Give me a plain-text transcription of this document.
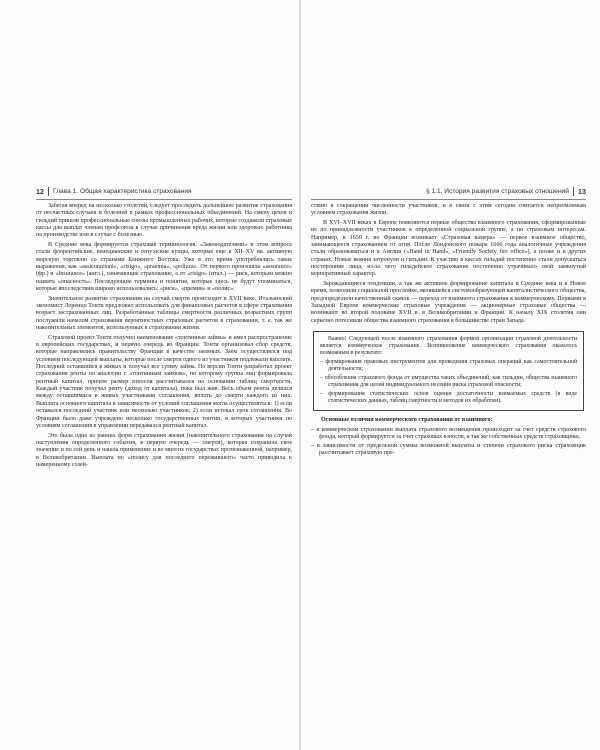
12 Глава 1. Общая характеристика страхования

Забегая вперед на несколько столетий, следует проследить дальнейшее развитие страхования от несчастных случаев и болезней в рамках профессиональных объединений. На смену цехов и гильдий пришли профессиональные союзы промышленных рабочих, которые создавали страховые кассы для выплат членам профсоюза в случае причинения вреда жизни или здоровью работника на производстве или в случае с болезнью.

В Средние века формируется страховая терминология. «Законодателями» в этом вопросе стали флорентийские, венецианские и генуэзские купцы, которые еще в XII–XV вв. активную морскую торговлю со странами Ближнего Востока. Уже в это время употреблялись такие выражения, как «assicurazioni», «risigo», «praemia», «polizza». От первого произошла «assurance» (фр.) и «Insurance» (англ.), означающие страхование, а от «risigo» (итал.) — риск, которым можно назвать «опасность». Последующие термины и понятия, которые здесь не будут упоминаться, которые впоследствии широко использовались: «риск», «премия» и «полис».

Значительное развитие страхования на случай смерти происходит в XVII веке. Итальянский экономист Лоренцо Тонти предложил использовать для финансовых расчетов в сфере страхования возраст застрахованных лиц. Разработанные таблицы смертности различных возрастных групп послужили началом страхования вероятностных страховых расчетов в страховании, т. е. так же накопительных элементов, используемых в страховании жизни.

Страховой проект Тонти получил наименование «тонтинные займы» и имел распространение в европейских государствах, и первую очередь во Франции. Тонти организовал сбор средств, которые направлялись правительству Франции в качестве заемных. Заем осуществлялся под условием последующей выплаты, которые после смерти одного из участников подлежали выплате. Последний оставшийся в живых и получал все сумму займа. По версии Тонти разработал проект страхования ренты по аналогии с «тонтинным займом», по которому группа лиц формировала рентный капитал, причем размер взносов рассчитывался на основании таблиц смертности. Каждый участник получал ренту (доход от капитала), пока был жив. Весь объем ренты делился между оставшимися в живых участниками соглашения, вплоть до смерти каждого из них. Выплата основного капитала в зависимости от условий соглашения могла осуществляться: 1) если оставался последний участник или несколько участников; 2) если истекал срок соглашения. Во Франции было даже учреждено несколько государственных тонтин, в которых участники по условиям соглашения в управлении передавался рентный капитал.

Это была одна из ранних форм страхования жизни (накопительного страхования на случай наступления определенного события, в первую очередь — смерти), которая сохранила свое значение и по сей день и нашла применение и во многих государствах протизнаконной, например, в Великобритании. Выплата по «полису для последнего пережившего» часто приводила к намеренному созей-

§ 1.1. История развития страховых отношений 13

ствию в сокращении численности участников, и в связи с этим сегодня считается непреемлемым условием страхования жизни.

В XVI–XVII веках в Европе появляются первые общества взаимного страхования, сформированные не по принадлежности участников к определенной социальной группе, а по страховым интересам. Например, в 1650 г. во Франции возникает «Страховая камера» — первое взаимное общество, занимающееся страхованием от огня. После Лондонского пожара 1666 года аналогичные учреждения стали образовываться и в Англии («Hand in Hand», «Friendly Society fire office»), а позже и в других странах. Новые веяния затронули и гильдии. К участию в кассах гильдий постепенно стали допускаться посторонние лица, из-за чего гильдейское страхование постепенно утрачивало свой замкнутый корпоративный характер.

Зарождающиеся тенденции, а так же активное формирование капитала в Средние века и в Новое время, позволили социальной прослойке, являвшейся системообразующей капиталистического общества, предопределили качественный скачок — переход от взаимного страхования к коммерческому. Первыми в Западной Европе коммерческие страховые учреждения — акционерные страховые общества — возникают во второй половине XVII в. в Великобритании и Франции. К началу XIX столетия они серьезно потеснили общества взаимного страхования в большинстве стран Запада.

Важно! Следующей после взаимного страхования формой организации страховой деятельности является коммерческое страхование. Возникновение коммерческого страхования оказалось возможным в результате:

– формирования правовых инструментов для проведения страховых операций как самостоятельной деятельности;
– обособления страхового фонда от имущества таких объединений, как гильдии, общества взаимного страхования для целей индивидуального несения риска страховой опасности;
– формирования статистических основ оценки достаточности взимаемых средств (в виде статистических данных, таблиц смертности и методов их обработки).
Основные отличия коммерческого страхования от взаимного:
– в коммерческом страховании выплата страхового возмещения происходит за счет средств страхового фонда, который формируется за счет страховых взносов, а так же собственных средств страховщика;
– в зависимости от предельной суммы возможной выплаты и степени страхового риска страховщик рассчитывает страховую пре-
